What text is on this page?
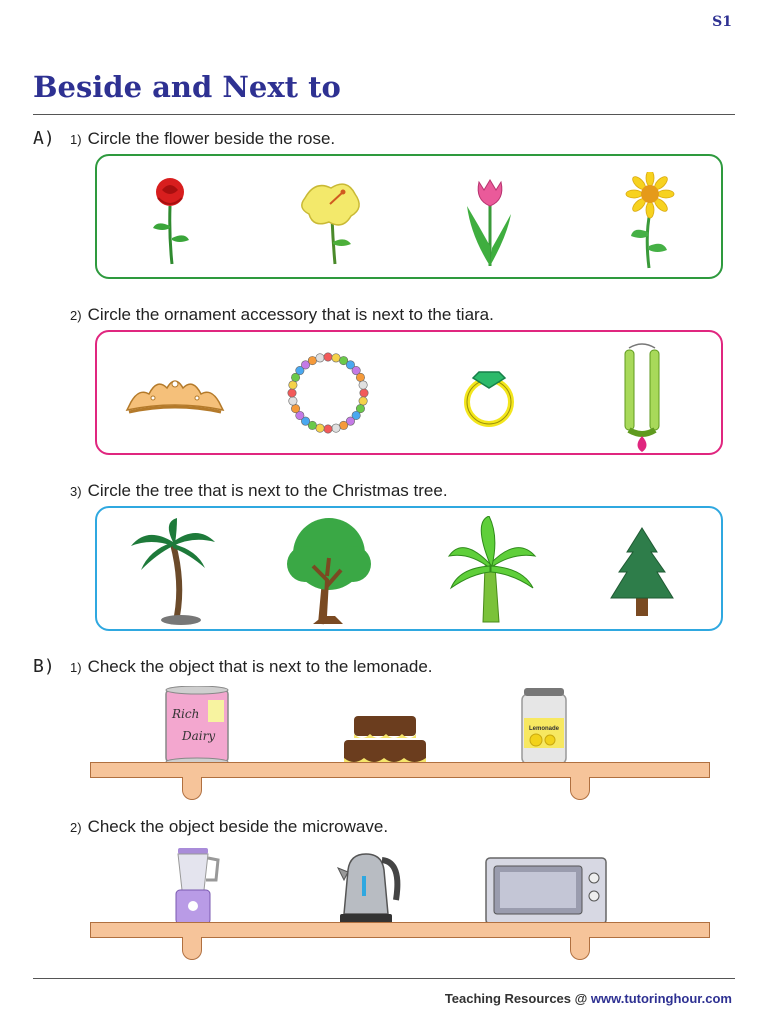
S1
Beside and Next to
A) 1) Circle the flower beside the rose.
2) Circle the ornament accessory that is next to the tiara.
3) Circle the tree that is next to the Christmas tree.
B) 1) Check the object that is next to the lemonade.
Rich
Dairy	Lemonade
2) Check the object beside the microwave.
Teaching Resources @ www.tutoringhour.com
